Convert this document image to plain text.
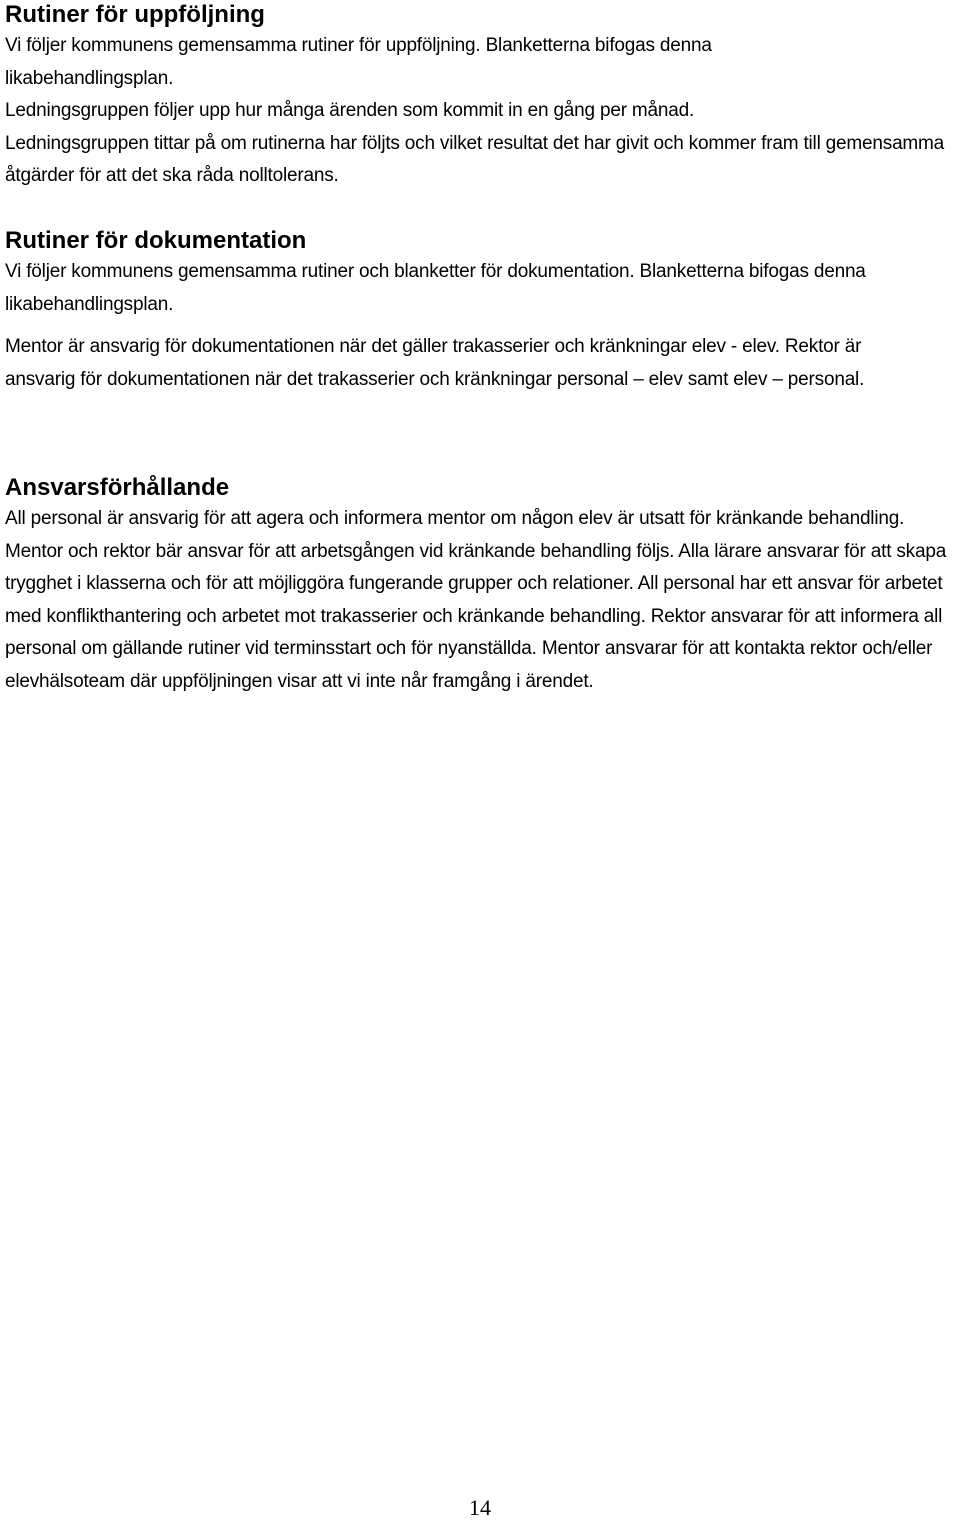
Rutiner för uppföljning

Vi följer kommunens gemensamma rutiner för uppföljning. Blanketterna bifogas denna likabehandlingsplan.

Ledningsgruppen följer upp hur många ärenden som kommit in en gång per månad.

Ledningsgruppen tittar på om rutinerna har följts och vilket resultat det har givit och kommer fram till gemensamma åtgärder för att det ska råda nolltolerans.

Rutiner för dokumentation

Vi följer kommunens gemensamma rutiner och blanketter för dokumentation. Blanketterna bifogas denna likabehandlingsplan.

Mentor är ansvarig för dokumentationen när det gäller trakasserier och kränkningar elev - elev. Rektor är ansvarig för dokumentationen när det trakasserier och kränkningar personal – elev samt elev – personal.

Ansvarsförhållande

All personal är ansvarig för att agera och informera mentor om någon elev är utsatt för kränkande behandling. Mentor och rektor bär ansvar för att arbetsgången vid kränkande behandling följs. Alla lärare ansvarar för att skapa trygghet i klasserna och för att möjliggöra fungerande grupper och relationer. All personal har ett ansvar för arbetet med konflikthantering och arbetet mot trakasserier och kränkande behandling. Rektor ansvarar för att informera all personal om gällande rutiner vid terminsstart och för nyanställda. Mentor ansvarar för att kontakta rektor och/eller elevhälsoteam där uppföljningen visar att vi inte når framgång i ärendet.

14
